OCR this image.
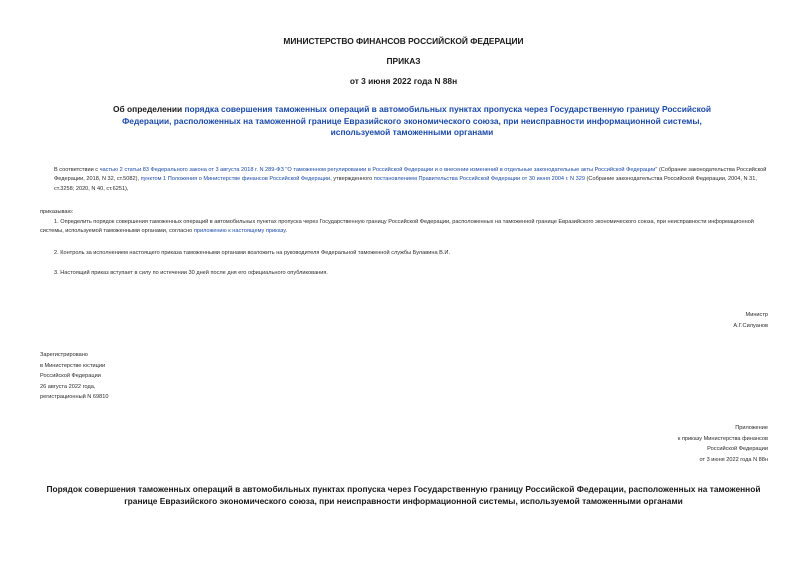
МИНИСТЕРСТВО ФИНАНСОВ РОССИЙСКОЙ ФЕДЕРАЦИИ
ПРИКАЗ
от 3 июня 2022 года N 88н
Об определении порядка совершения таможенных операций в автомобильных пунктах пропуска через Государственную границу Российской Федерации, расположенных на таможенной границе Евразийского экономического союза, при неисправности информационной системы, используемой таможенными органами
В соответствии с частью 2 статьи 83 Федерального закона от 3 августа 2018 г. N 289-ФЗ "О таможенном регулировании в Российской Федерации и о внесении изменений в отдельные законодательные акты Российской Федерации" (Собрание законодательства Российской Федерации, 2018, N 32, ст.5082), пунктом 1 Положения о Министерстве финансов Российской Федерации, утвержденного постановлением Правительства Российской Федерации от 30 июня 2004 г. N 329 (Собрание законодательства Российской Федерации, 2004, N 31, ст.3258; 2020, N 40, ст.6251),
приказываю:
1. Определить порядок совершения таможенных операций в автомобильных пунктах пропуска через Государственную границу Российской Федерации, расположенных на таможенной границе Евразийского экономического союза, при неисправности информационной системы, используемой таможенными органами, согласно приложению к настоящему приказу.
2. Контроль за исполнением настоящего приказа таможенными органами возложить на руководителя Федеральной таможенной службы Булавина В.И.
3. Настоящий приказ вступает в силу по истечении 30 дней после дня его официального опубликования.
Министр
А.Г.Силуанов
Зарегистрировано
в Министерстве юстиции
Российской Федерации
26 августа 2022 года,
регистрационный N 69810
Приложение
к приказу Министерства финансов
Российской Федерации
от 3 июня 2022 года N 88н
Порядок совершения таможенных операций в автомобильных пунктах пропуска через Государственную границу Российской Федерации, расположенных на таможенной границе Евразийского экономического союза, при неисправности информационной системы, используемой таможенными органами
